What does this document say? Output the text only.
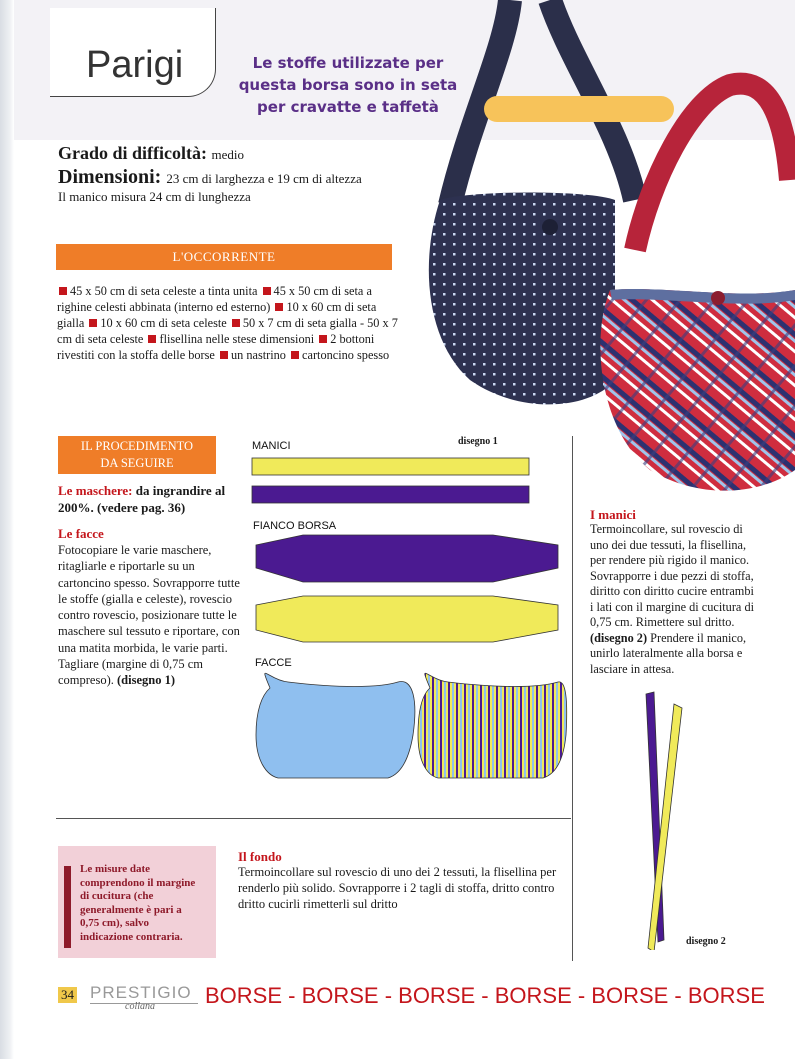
Parigi	Le stoffe utilizzate per questa borsa sono in seta per cravatte e taffetà
Grado di difficoltà: medio
Dimensioni: 23 cm di larghezza e 19 cm di altezza
Il manico misura 24 cm di lunghezza
L'OCCORRENTE
45 x 50 cm di seta celeste a tinta unita 45 x 50 cm di seta a righine celesti abbinata (interno ed esterno) 10 x 60 cm di seta gialla 10 x 60 cm di seta celeste 50 x 7 cm di seta gialla - 50 x 7 cm di seta celeste flisellina nelle stese dimensioni 2 bottoni rivestiti con la stoffa delle borse un nastrino cartoncino spesso
IL PROCEDIMENTO
DA SEGUIRE
Le maschere: da ingrandire al 200%. (vedere pag. 36)
Le facce
Fotocopiare le varie maschere, ritagliarle e riportarle su un cartoncino spesso. Sovrapporre tutte le stoffe (gialla e celeste), rovescio contro rovescio, posizionare tutte le maschere sul tessuto e riportare, con una matita morbida, le varie parti. Tagliare (margine di 0,75 cm compreso). (disegno 1)
MANICI	disegno 1
FIANCO BORSA
FACCE
I manici
Termoincollare, sul rovescio di uno dei due tessuti, la flisellina, per rendere più rigido il manico. Sovrapporre i due pezzi di stoffa, diritto con diritto cucire entrambi i lati con il margine di cucitura di 0,75 cm. Rimettere sul dritto. (disegno 2) Prendere il manico, unirlo lateralmente alla borsa e lasciare in attesa.
disegno 2
Le misure date comprendono il margine di cucitura (che generalmente è pari a 0,75 cm), salvo indicazione contraria.
Il fondo
Termoincollare sul rovescio di uno dei 2 tessuti, la flisellina per renderlo più solido. Sovrapporre i 2 tagli di stoffa, dritto contro dritto cucirli rimetterli sul dritto
34 PRESTIGIO
collana BORSE - BORSE - BORSE - BORSE - BORSE - BORSE
